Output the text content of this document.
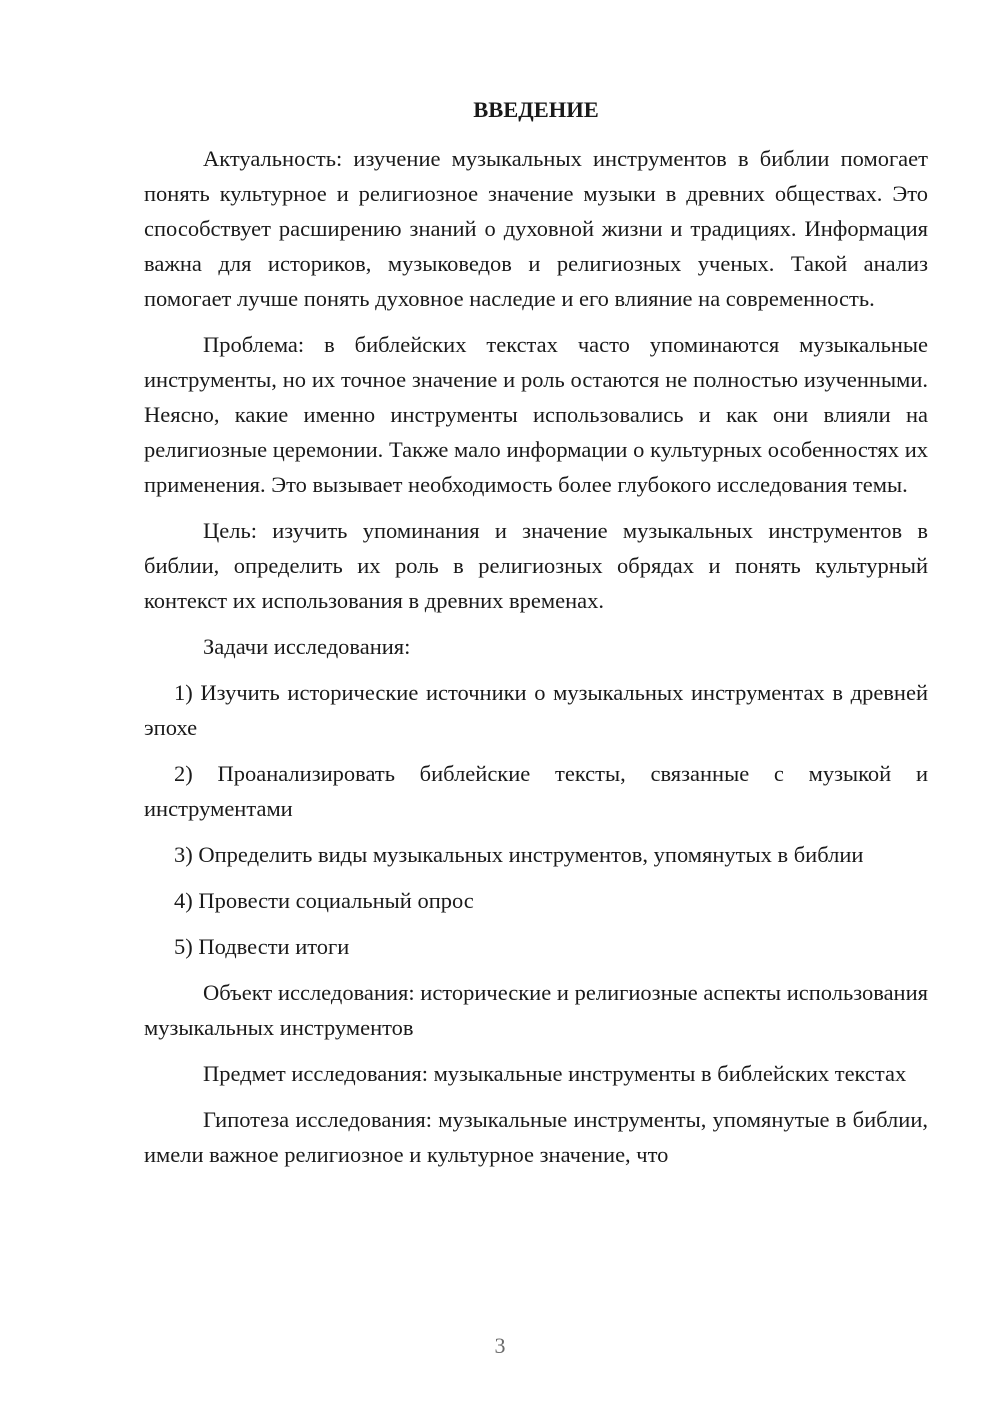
ВВЕДЕНИЕ

Актуальность: изучение музыкальных инструментов в библии помогает понять культурное и религиозное значение музыки в древних обществах. Это способствует расширению знаний о духовной жизни и традициях. Информация важна для историков, музыковедов и религиозных ученых. Такой анализ помогает лучше понять духовное наследие и его влияние на современность.

Проблема: в библейских текстах часто упоминаются музыкальные инструменты, но их точное значение и роль остаются не полностью изученными. Неясно, какие именно инструменты использовались и как они влияли на религиозные церемонии. Также мало информации о культурных особенностях их применения. Это вызывает необходимость более глубокого исследования темы.

Цель: изучить упоминания и значение музыкальных инструментов в библии, определить их роль в религиозных обрядах и понять культурный контекст их использования в древних временах.

Задачи исследования:

1) Изучить исторические источники о музыкальных инструментах в древней эпохе

2) Проанализировать библейские тексты, связанные с музыкой и инструментами

3) Определить виды музыкальных инструментов, упомянутых в библии

4) Провести социальный опрос

5) Подвести итоги

Объект исследования: исторические и религиозные аспекты использования музыкальных инструментов

Предмет исследования: музыкальные инструменты в библейских текстах

Гипотеза исследования: музыкальные инструменты, упомянутые в библии, имели важное религиозное и культурное значение, что

3
